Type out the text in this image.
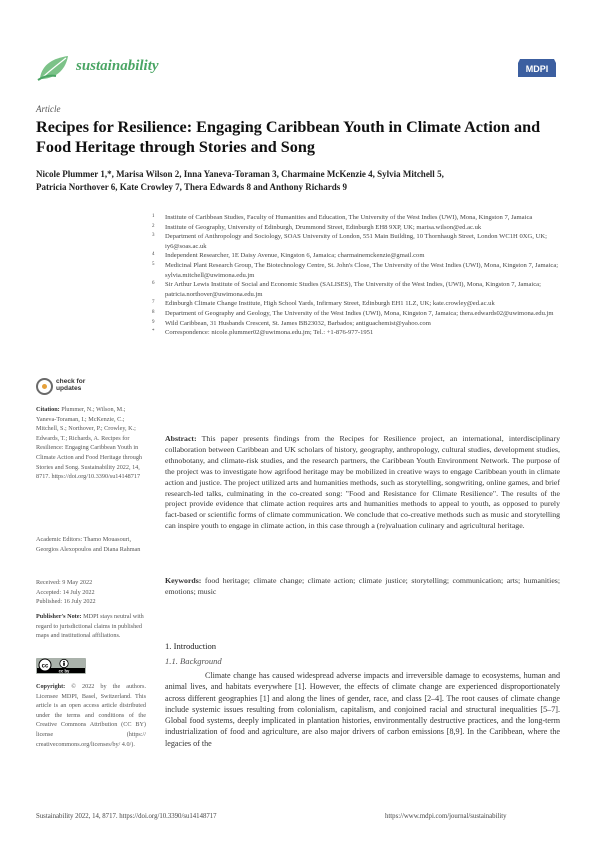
sustainability	MDPI
Article
Recipes for Resilience: Engaging Caribbean Youth in Climate Action and Food Heritage through Stories and Song
Nicole Plummer 1,*, Marisa Wilson 2, Inna Yaneva-Toraman 3, Charmaine McKenzie 4, Sylvia Mitchell 5,
Patricia Northover 6, Kate Crowley 7, Thera Edwards 8 and Anthony Richards 9
1 Institute of Caribbean Studies, Faculty of Humanities and Education, The University of the West Indies (UWI), Mona, Kingston 7, Jamaica
2 Institute of Geography, University of Edinburgh, Drummond Street, Edinburgh EH8 9XP, UK; marisa.wilson@ed.ac.uk
3 Department of Anthropology and Sociology, SOAS University of London, 551 Main Building, 10 Thornhaugh Street, London WC1H 0XG, UK; iy6@soas.ac.uk
4 Independent Researcher, 1E Daisy Avenue, Kingston 6, Jamaica; charmainemckenzie@gmail.com
5 Medicinal Plant Research Group, The Biotechnology Centre, St. John's Close, The University of the West Indies (UWI), Mona, Kingston 7, Jamaica; sylvia.mitchell@uwimona.edu.jm
6 Sir Arthur Lewis Institute of Social and Economic Studies (SALISES), The University of the West Indies, (UWI), Mona, Kingston 7, Jamaica; patricia.northover@uwimona.edu.jm
7 Edinburgh Climate Change Institute, High School Yards, Infirmary Street, Edinburgh EH1 1LZ, UK; kate.crowley@ed.ac.uk
8 Department of Geography and Geology, The University of the West Indies (UWI), Mona, Kingston 7, Jamaica; thera.edwards02@uwimona.edu.jm
9 Wild Caribbean, 31 Husbands Crescent, St. James BB23032, Barbados; antiguachemist@yahoo.com
* Correspondence: nicole.plummer02@uwimona.edu.jm; Tel.: +1-876-977-1951
check for updates
Citation: Plummer, N.; Wilson, M.; Yaneva-Toraman, I.; McKenzie, C.; Mitchell, S.; Northover, P.; Crowley, K.; Edwards, T.; Richards, A. Recipes for Resilience: Engaging Caribbean Youth in Climate Action and Food Heritage through Stories and Song. Sustainability 2022, 14, 8717. https://doi.org/10.3390/su14148717
Academic Editors: Thamo Mouasouri, Georgios Alexopoulos and Diana Rahman
Received: 9 May 2022
Accepted: 14 July 2022
Published: 16 July 2022
Publisher's Note: MDPI stays neutral with regard to jurisdictional claims in published maps and institutional affiliations.
cc
cc by
Copyright: © 2022 by the authors. Licensee MDPI, Basel, Switzerland. This article is an open access article distributed under the terms and conditions of the Creative Commons Attribution (CC BY) license (https:// creativecommons.org/licenses/by/ 4.0/).
Abstract: This paper presents findings from the Recipes for Resilience project, an international, interdisciplinary collaboration between Caribbean and UK scholars of history, geography, anthropology, cultural studies, development studies, ethnobotany, and climate-risk studies, and the research partners, the Caribbean Youth Environment Network. The purpose of the project was to investigate how agrifood heritage may be mobilized in creative ways to engage Caribbean youth in climate action and justice. The project utilized arts and humanities methods, such as storytelling, songwriting, online games, and brief research-led talks, culminating in the co-created song: "Food and Resistance for Climate Resilience". The results of the project provide evidence that climate action requires arts and humanities methods to appeal to youth, as opposed to purely fact-based or scientific forms of climate communication. We conclude that co-creative methods such as music and storytelling can inspire youth to engage in climate action, in this case through a (re)valuation culinary and agricultural heritage.
Keywords: food heritage; climate change; climate action; climate justice; storytelling; communication; arts; humanities; emotions; music
1. Introduction
1.1. Background
Climate change has caused widespread adverse impacts and irreversible damage to ecosystems, human and animal lives, and habitats everywhere [1]. However, the effects of climate change are experienced disproportionately across different geographies [1] and along the lines of gender, race, and class [2–4]. The root causes of climate change include systemic issues resulting from colonialism, capitalism, and conjoined racial and structural inequalities [5–7]. Global food systems, deeply implicated in plantation histories, environmentally destructive practices, and the long-term industrialization of food and agriculture, are also major drivers of carbon emissions [8,9]. In the Caribbean, where the legacies of the
Sustainability 2022, 14, 8717. https://doi.org/10.3390/su14148717	https://www.mdpi.com/journal/sustainability
